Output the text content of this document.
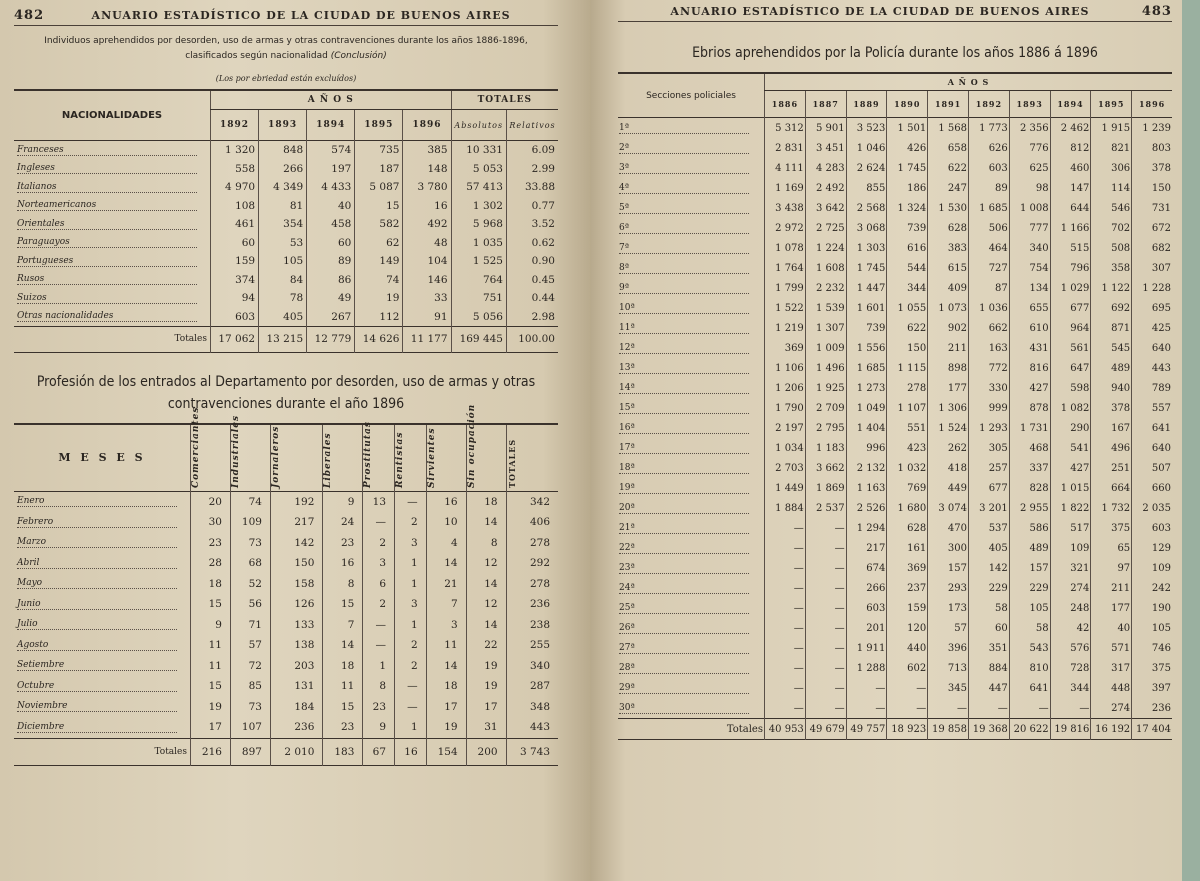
482	ANUARIO ESTADÍSTICO DE LA CIUDAD DE BUENOS AIRES
Individuos aprehendidos por desorden, uso de armas y otras contravenciones durante los años 1886-1896,
clasificados según nacionalidad (Conclusión)
(Los por ebriedad están excluídos)
NACIONALIDADES	A Ñ O S					TOTALES	
	1892	1893	1894	1895	1896	Absolutos	Relativos
Franceses	1 320	848	574	735	385	10 331	6.09
Ingleses	558	266	197	187	148	5 053	2.99
Italianos	4 970	4 349	4 433	5 087	3 780	57 413	33.88
Norteamericanos	108	81	40	15	16	1 302	0.77
Orientales	461	354	458	582	492	5 968	3.52
Paraguayos	60	53	60	62	48	1 035	0.62
Portugueses	159	105	89	149	104	1 525	0.90
Rusos	374	84	86	74	146	764	0.45
Suizos	94	78	49	19	33	751	0.44
Otras nacionalidades	603	405	267	112	91	5 056	2.98
Totales	17 062	13 215	12 779	14 626	11 177	169 445	100.00
Profesión de los entrados al Departamento por desorden, uso de armas y otras
contravenciones durante el año 1896
M E S E S	Comerciantes	Industriales	Jornaleros	Liberales	Prostitutas	Rentistas	Sirvientes	Sin ocupación	TOTALES

Enero	20	74	192	9	13	—	16	18	342
Febrero	30	109	217	24	—	2	10	14	406
Marzo	23	73	142	23	2	3	4	8	278
Abril	28	68	150	16	3	1	14	12	292
Mayo	18	52	158	8	6	1	21	14	278
Junio	15	56	126	15	2	3	7	12	236
Julio	9	71	133	7	—	1	3	14	238
Agosto	11	57	138	14	—	2	11	22	255
Setiembre	11	72	203	18	1	2	14	19	340
Octubre	15	85	131	11	8	—	18	19	287
Noviembre	19	73	184	15	23	—	17	17	348
Diciembre	17	107	236	23	9	1	19	31	443
Totales	216	897	2 010	183	67	16	154	200	3 743
ANUARIO ESTADÍSTICO DE LA CIUDAD DE BUENOS AIRES	483
Ebrios aprehendidos por la Policía durante los años 1886 á 1896
Secciones policiales	A Ñ O S									
	1886	1887	1889	1890	1891	1892	1893	1894	1895	1896
1ª	5 312	5 901	3 523	1 501	1 568	1 773	2 356	2 462	1 915	1 239
2ª	2 831	3 451	1 046	426	658	626	776	812	821	803
3ª	4 111	4 283	2 624	1 745	622	603	625	460	306	378
4ª	1 169	2 492	855	186	247	89	98	147	114	150
5ª	3 438	3 642	2 568	1 324	1 530	1 685	1 008	644	546	731
6ª	2 972	2 725	3 068	739	628	506	777	1 166	702	672
7ª	1 078	1 224	1 303	616	383	464	340	515	508	682
8ª	1 764	1 608	1 745	544	615	727	754	796	358	307
9ª	1 799	2 232	1 447	344	409	87	134	1 029	1 122	1 228
10ª	1 522	1 539	1 601	1 055	1 073	1 036	655	677	692	695
11ª	1 219	1 307	739	622	902	662	610	964	871	425
12ª	369	1 009	1 556	150	211	163	431	561	545	640
13ª	1 106	1 496	1 685	1 115	898	772	816	647	489	443
14ª	1 206	1 925	1 273	278	177	330	427	598	940	789
15ª	1 790	2 709	1 049	1 107	1 306	999	878	1 082	378	557
16ª	2 197	2 795	1 404	551	1 524	1 293	1 731	290	167	641
17ª	1 034	1 183	996	423	262	305	468	541	496	640
18ª	2 703	3 662	2 132	1 032	418	257	337	427	251	507
19ª	1 449	1 869	1 163	769	449	677	828	1 015	664	660
20ª	1 884	2 537	2 526	1 680	3 074	3 201	2 955	1 822	1 732	2 035
21ª	—	—	1 294	628	470	537	586	517	375	603
22ª	—	—	217	161	300	405	489	109	65	129
23ª	—	—	674	369	157	142	157	321	97	109
24ª	—	—	266	237	293	229	229	274	211	242
25ª	—	—	603	159	173	58	105	248	177	190
26ª	—	—	201	120	57	60	58	42	40	105
27ª	—	—	1 911	440	396	351	543	576	571	746
28ª	—	—	1 288	602	713	884	810	728	317	375
29ª	—	—	—	—	345	447	641	344	448	397
30ª	—	—	—	—	—	—	—	—	274	236
Totales	40 953	49 679	49 757	18 923	19 858	19 368	20 622	19 816	16 192	17 404
